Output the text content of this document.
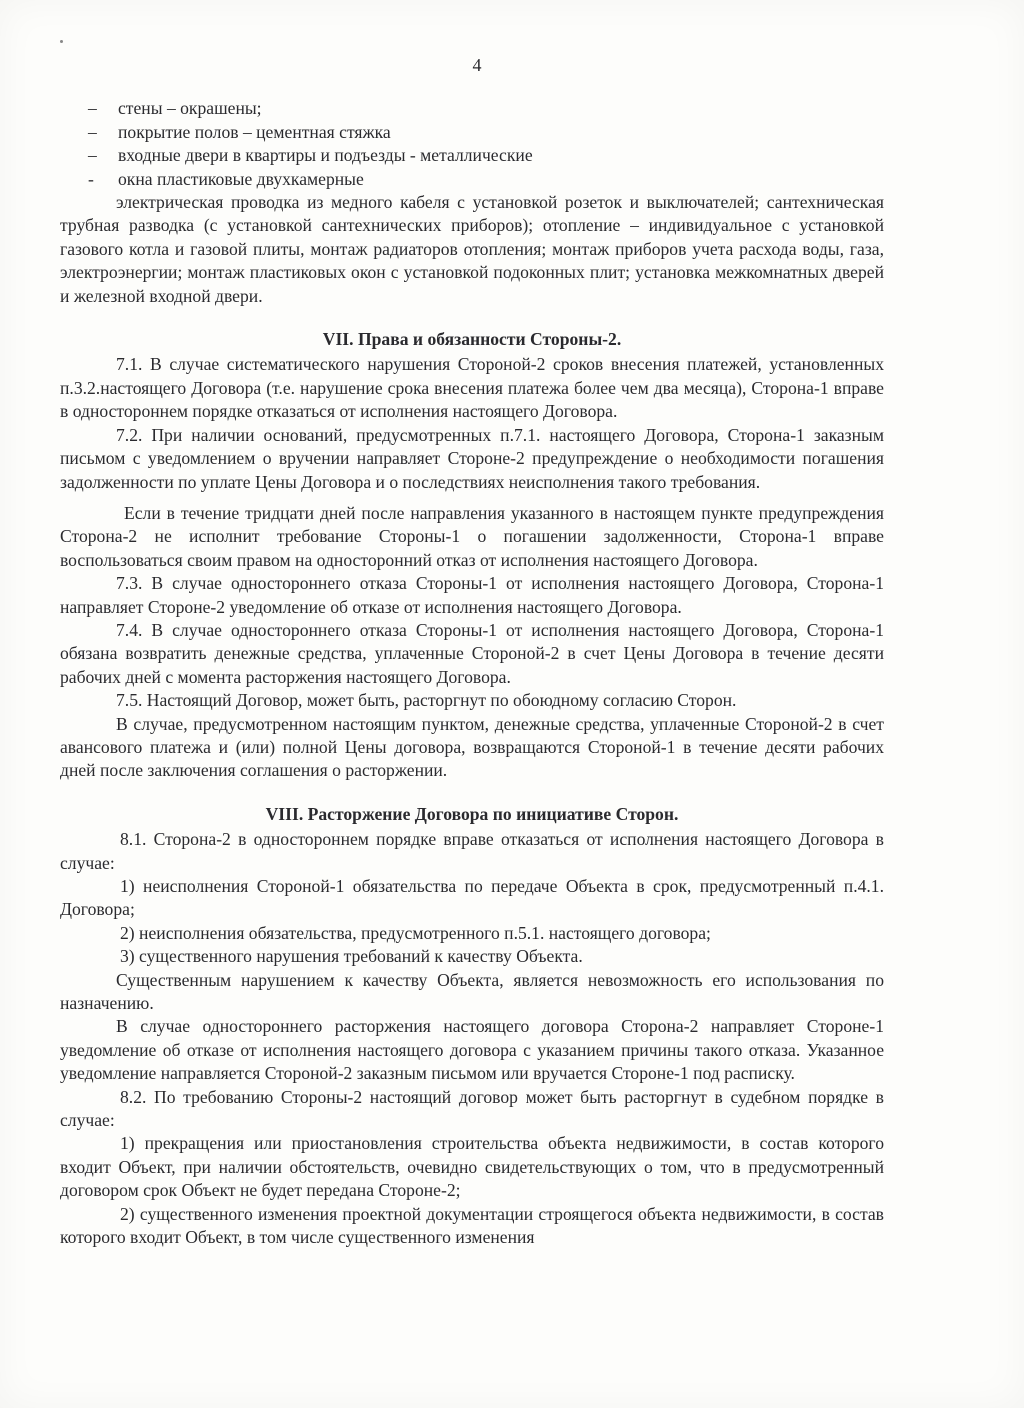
4
–	стены – окрашены;
–	покрытие полов – цементная стяжка
–	входные двери в квартиры и подъезды - металлические
-	окна пластиковые двухкамерные

электрическая проводка из медного кабеля с установкой розеток и выключателей; сантехническая трубная разводка (с установкой сантехнических приборов); отопление – индивидуальное с установкой газового котла и газовой плиты, монтаж радиаторов отопления; монтаж приборов учета расхода воды, газа, электроэнергии; монтаж пластиковых окон с установкой подоконных плит; установка межкомнатных дверей и железной входной двери.

VII. Права и обязанности Стороны-2.

7.1. В случае систематического нарушения Стороной-2 сроков внесения платежей, установленных п.3.2.настоящего Договора (т.е. нарушение срока внесения платежа более чем два месяца), Сторона-1 вправе в одностороннем порядке отказаться от исполнения настоящего Договора.

7.2. При наличии оснований, предусмотренных п.7.1. настоящего Договора, Сторона-1 заказным письмом с уведомлением о вручении направляет Стороне-2 предупреждение о необходимости погашения задолженности по уплате Цены Договора и о последствиях неисполнения такого требования.

Если в течение тридцати дней после направления указанного в настоящем пункте предупреждения Сторона-2 не исполнит требование Стороны-1 о погашении задолженности, Сторона-1 вправе воспользоваться своим правом на односторонний отказ от исполнения настоящего Договора.

7.3. В случае одностороннего отказа Стороны-1 от исполнения настоящего Договора, Сторона-1 направляет Стороне-2 уведомление об отказе от исполнения настоящего Договора.

7.4. В случае одностороннего отказа Стороны-1 от исполнения настоящего Договора, Сторона-1 обязана возвратить денежные средства, уплаченные Стороной-2 в счет Цены Договора в течение десяти рабочих дней с момента расторжения настоящего Договора.

7.5. Настоящий Договор, может быть, расторгнут по обоюдному согласию Сторон.

В случае, предусмотренном настоящим пунктом, денежные средства, уплаченные Стороной-2 в счет авансового платежа и (или) полной Цены договора, возвращаются Стороной-1 в течение десяти рабочих дней после заключения соглашения о расторжении.

VIII. Расторжение Договора по инициативе Сторон.

8.1. Сторона-2 в одностороннем порядке вправе отказаться от исполнения настоящего Договора в случае:

1) неисполнения Стороной-1 обязательства по передаче Объекта в срок, предусмотренный п.4.1. Договора;

2) неисполнения обязательства, предусмотренного п.5.1. настоящего договора;

3) существенного нарушения требований к качеству Объекта.

Существенным нарушением к качеству Объекта, является невозможность его использования по назначению.

В случае одностороннего расторжения настоящего договора Сторона-2 направляет Стороне-1 уведомление об отказе от исполнения настоящего договора с указанием причины такого отказа. Указанное уведомление направляется Стороной-2 заказным письмом или вручается Стороне-1 под расписку.

8.2. По требованию Стороны-2 настоящий договор может быть расторгнут в судебном порядке в случае:

1) прекращения или приостановления строительства объекта недвижимости, в состав которого входит Объект, при наличии обстоятельств, очевидно свидетельствующих о том, что в предусмотренный договором срок Объект не будет передана Стороне-2;

2) существенного изменения проектной документации строящегося объекта недвижимости, в состав которого входит Объект, в том числе существенного изменения
